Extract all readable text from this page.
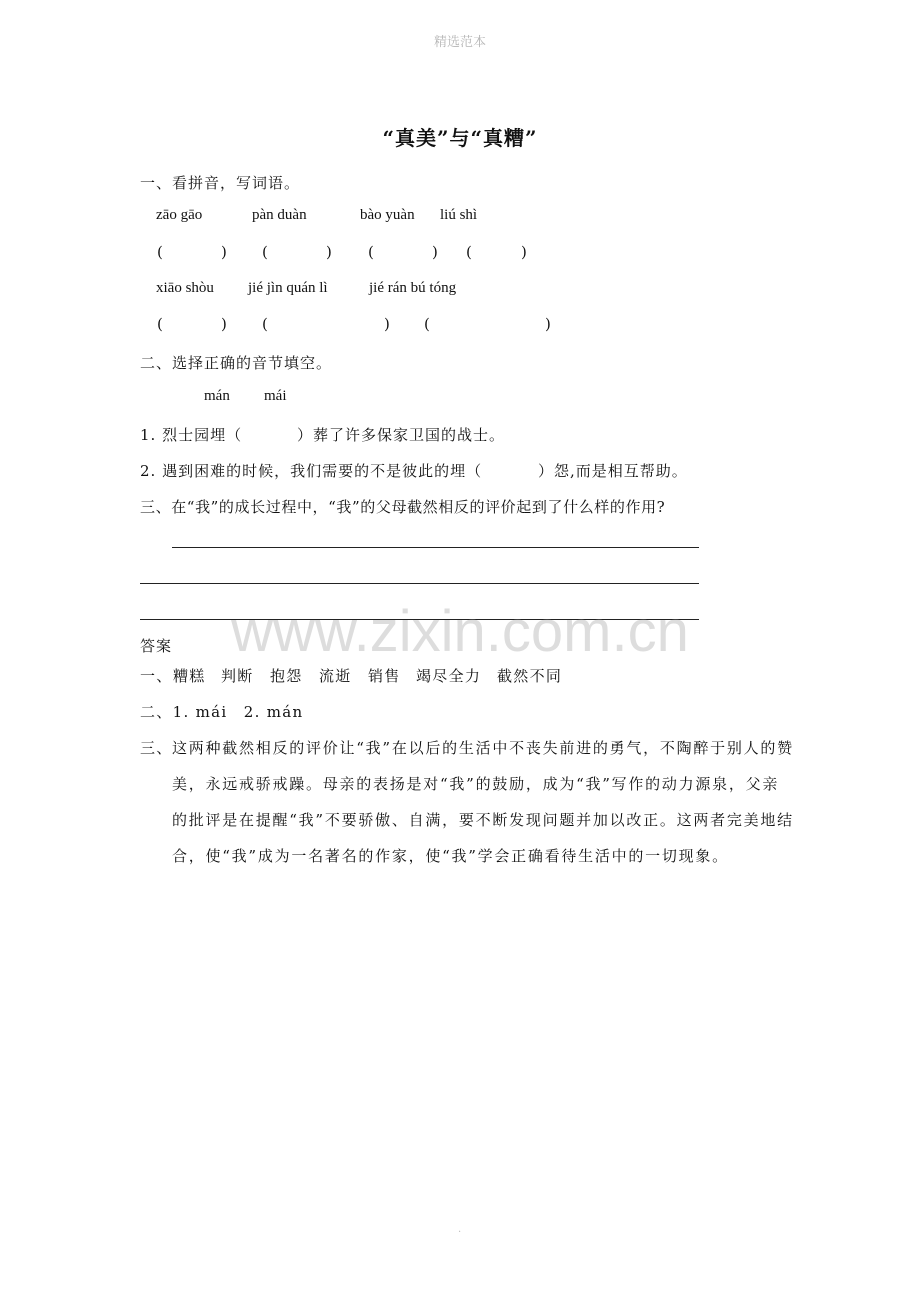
精选范本
“真美”与“真糟”
一、看拼音，写词语。
zāo gāo	pàn duàn	bào yuàn liú shì
(	) (	) (	) (	)
xiāo shòu jié jìn quán lì	jié rán bú tóng
(	) (	) (	)
二、选择正确的音节填空。
mán mái
1. 烈士园埋（	）葬了许多保家卫国的战士。
2. 遇到困难的时候，我们需要的不是彼此的埋（	）怨,而是相互帮助。
三、在“我”的成长过程中，“我”的父母截然相反的评价起到了什么样的作用?
www.zixin.com.cn
答案
一、 糟糕 判断 抱怨 流逝 销售 竭尽全力 截然不同
二、1. mái　2. mán
三、 这两种截然相反的评价让“我”在以后的生活中不丧失前进的勇气，不陶醉于别人的赞
美，永远戒骄戒躁。母亲的表扬是对“我”的鼓励，成为“我”写作的动力源泉，父亲
的批评是在提醒“我”不要骄傲、自满，要不断发现问题并加以改正。这两者完美地结
合，使“我”成为一名著名的作家，使“我”学会正确看待生活中的一切现象。
.
